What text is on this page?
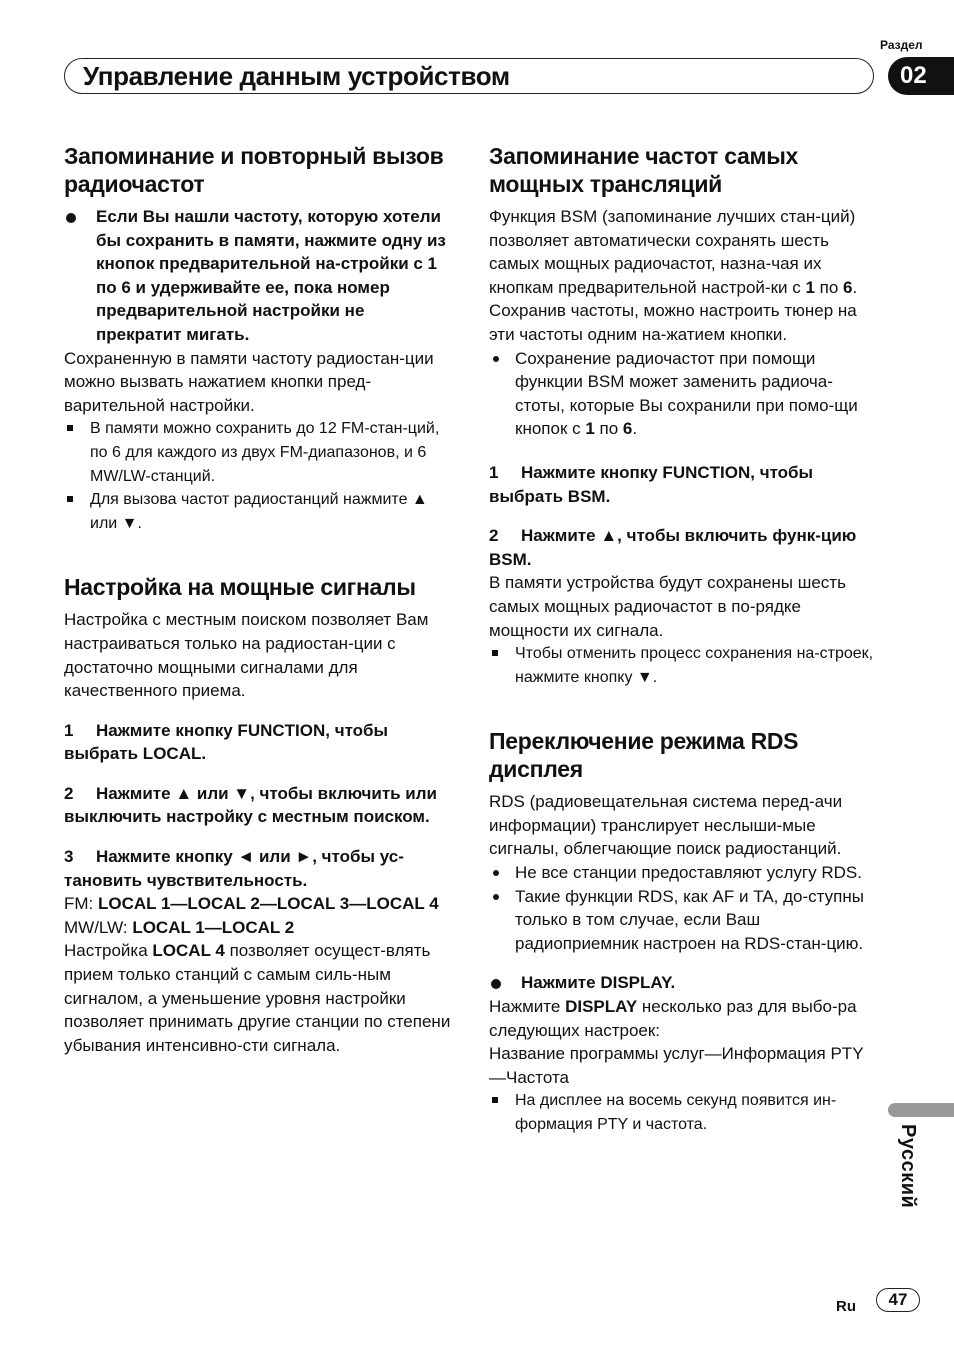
Раздел
Управление данным устройством	02
Запоминание и повторный вызов радиочастот
Если Вы нашли частоту, которую хотели бы сохранить в памяти, нажмите одну из кнопок предварительной на-стройки с 1 по 6 и удерживайте ее, пока номер предварительной настройки не прекратит мигать.

Сохраненную в памяти частоту радиостан-ции можно вызвать нажатием кнопки пред-варительной настройки.

В памяти можно сохранить до 12 FM-стан-ций, по 6 для каждого из двух FM-диапазонов, и 6 MW/LW-станций.
Для вызова частот радиостанций нажмите ▲ или ▼.
Настройка на мощные сигналы

Настройка с местным поиском позволяет Вам настраиваться только на радиостан-ции с достаточно мощными сигналами для качественного приема.

1 Нажмите кнопку FUNCTION, чтобы выбрать LOCAL.
2 Нажмите ▲ или ▼, чтобы включить или выключить настройку с местным поиском.
3 Нажмите кнопку ◄ или ►, чтобы ус-тановить чувствительность.

FM: LOCAL 1—LOCAL 2—LOCAL 3—LOCAL 4

MW/LW: LOCAL 1—LOCAL 2

Настройка LOCAL 4 позволяет осущест-влять прием только станций с самым силь-ным сигналом, а уменьшение уровня настройки позволяет принимать другие станции по степени убывания интенсивно-сти сигнала.

Запоминание частот самых мощных трансляций

Функция BSM (запоминание лучших стан-ций) позволяет автоматически сохранять шесть самых мощных радиочастот, назна-чая их кнопкам предварительной настрой-ки с 1 по 6. Сохранив частоты, можно настроить тюнер на эти частоты одним на-жатием кнопки.

Сохранение радиочастот при помощи функции BSM может заменить радиоча-стоты, которые Вы сохранили при помо-щи кнопок с 1 по 6.
1 Нажмите кнопку FUNCTION, чтобы выбрать BSM.
2 Нажмите ▲, чтобы включить функ-цию BSM.

В памяти устройства будут сохранены шесть самых мощных радиочастот в по-рядке мощности их сигнала.

Чтобы отменить процесс сохранения на-строек, нажмите кнопку ▼.
Переключение режима RDS дисплея

RDS (радиовещательная система перед-ачи информации) транслирует неслыши-мые сигналы, облегчающие поиск радиостанций.

Не все станции предоставляют услугу RDS.
Такие функции RDS, как AF и TA, до-ступны только в том случае, если Ваш радиоприемник настроен на RDS-стан-цию.
Нажмите DISPLAY.

Нажмите DISPLAY несколько раз для выбо-ра следующих настроек:

Название программы услуг—Информация PTY—Частота

На дисплее на восемь секунд появится ин-формация PTY и частота.	Русский
Ru	47
